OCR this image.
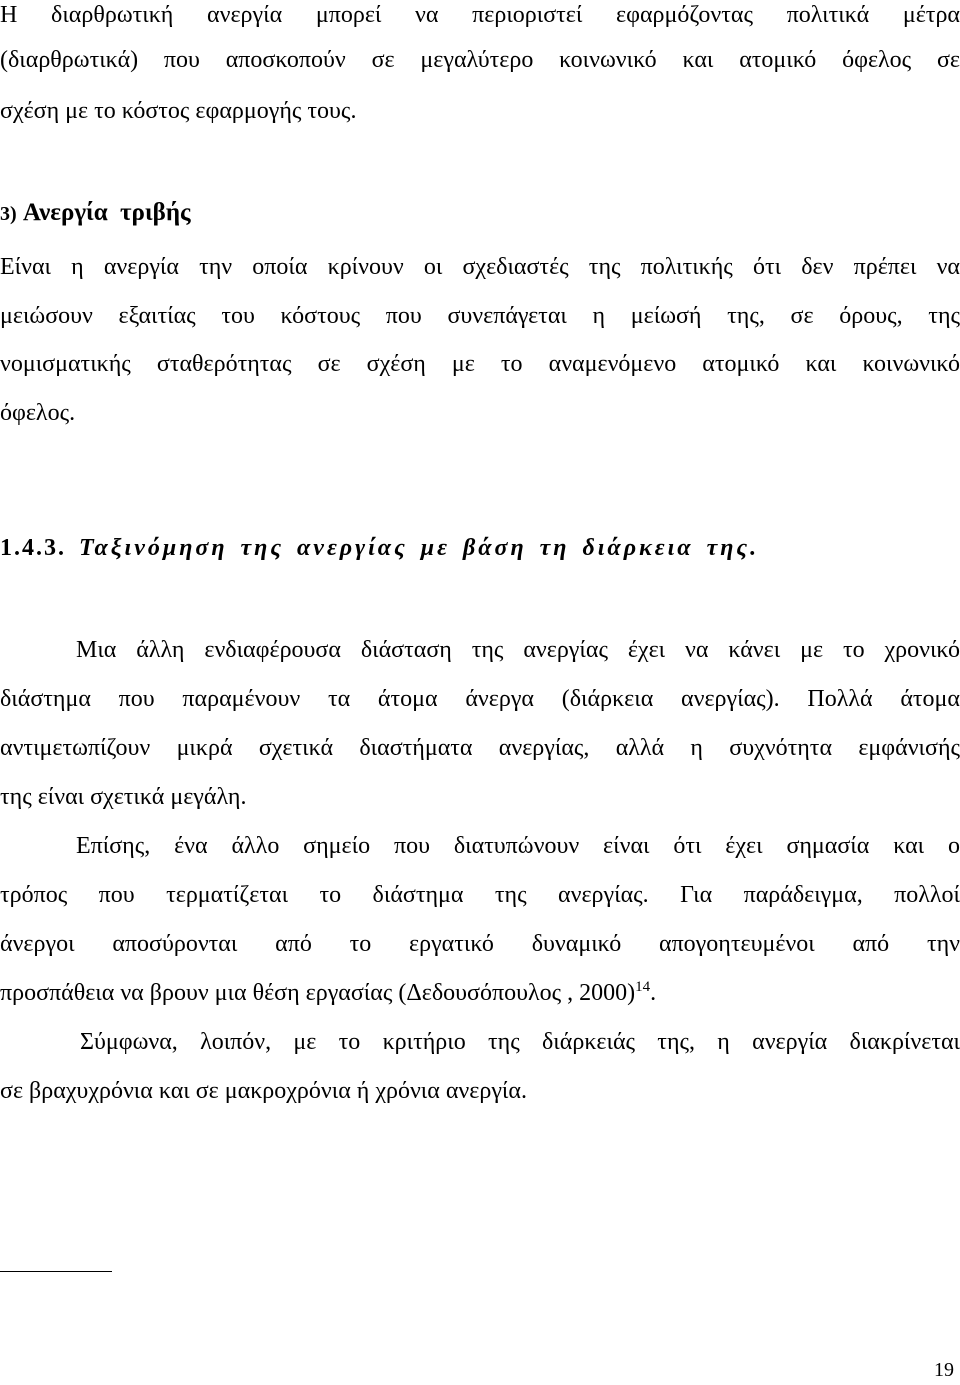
Η διαρθρωτική ανεργία μπορεί να περιοριστεί εφαρμόζοντας πολιτικά μέτρα

(διαρθρωτικά) που αποσκοπούν σε μεγαλύτερο κοινωνικό και ατομικό όφελος σε

σχέση με το κόστος εφαρμογής τους.

3) Ανεργία τριβής

Είναι η ανεργία την οποία κρίνουν οι σχεδιαστές της πολιτικής ότι δεν πρέπει να

μειώσουν εξαιτίας του κόστους που συνεπάγεται η μείωσή της, σε όρους, της

νομισματικής σταθερότητας σε σχέση με το αναμενόμενο ατομικό και κοινωνικό

όφελος.

1.4.3. Ταξινόμηση της ανεργίας με βάση τη διάρκεια της.

Μια άλλη ενδιαφέρουσα διάσταση της ανεργίας έχει να κάνει με το χρονικό

διάστημα που παραμένουν τα άτομα άνεργα (διάρκεια ανεργίας). Πολλά άτομα

αντιμετωπίζουν μικρά σχετικά διαστήματα ανεργίας, αλλά η συχνότητα εμφάνισής

της είναι σχετικά μεγάλη.

Επίσης, ένα άλλο σημείο που διατυπώνουν είναι ότι έχει σημασία και ο

τρόπος που τερματίζεται το διάστημα της ανεργίας. Για παράδειγμα, πολλοί

άνεργοι αποσύρονται από το εργατικό δυναμικό απογοητευμένοι από την

προσπάθεια να βρουν μια θέση εργασίας (Δεδουσόπουλος , 2000)$^{14}$.

Σύμφωνα, λοιπόν, με το κριτήριο της διάρκειάς της, η ανεργία διακρίνεται

σε βραχυχρόνια και σε μακροχρόνια ή χρόνια ανεργία.

19
